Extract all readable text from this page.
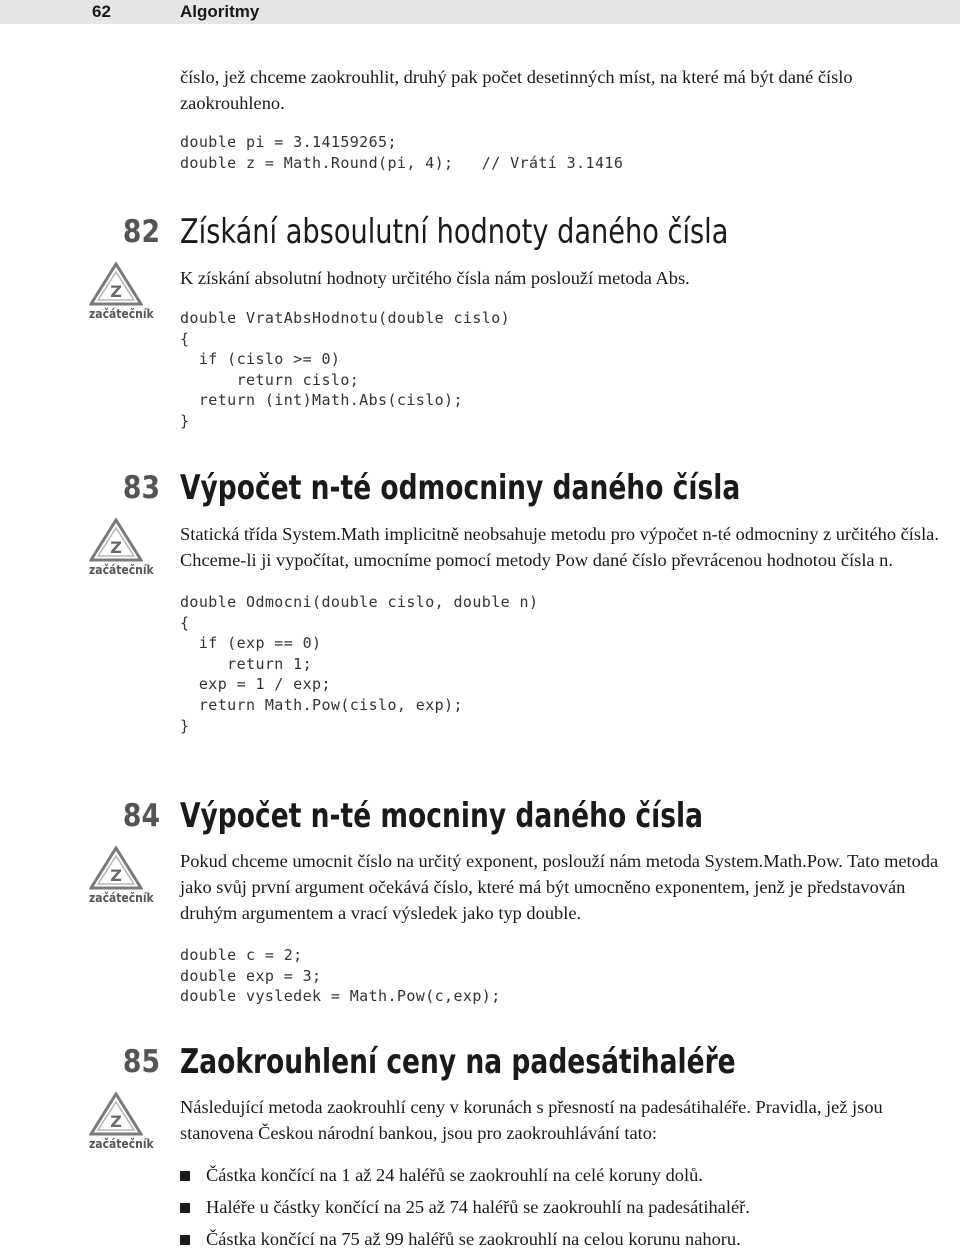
62	Algoritmy

číslo, jež chceme zaokrouhlit, druhý pak počet desetinných míst, na které má být dané číslo zaokrouhleno.

double pi = 3.14159265;
double z = Math.Round(pi, 4);   // Vrátí 3.1416
82 Získání absoulutní hodnoty daného čísla
Z
začátečník

K získání absolutní hodnoty určitého čísla nám poslouží metoda Abs.

double VratAbsHodnotu(double cislo)
{
if (cislo >= 0)
return cislo;
return (int)Math.Abs(cislo);
}
83 Výpočet n-té odmocniny daného čísla
Z
začátečník

Statická třída System.Math implicitně neobsahuje metodu pro výpočet n-té odmocniny z určitého čísla. Chceme-li ji vypočítat, umocníme pomocí metody Pow dané číslo převrácenou hodnotou čísla n.

double Odmocni(double cislo, double n)
{
if (exp == 0)
return 1;
exp = 1 / exp;
return Math.Pow(cislo, exp);
}
84 Výpočet n-té mocniny daného čísla
Z
začátečník

Pokud chceme umocnit číslo na určitý exponent, poslouží nám metoda System.Math.Pow. Tato metoda jako svůj první argument očekává číslo, které má být umocněno exponentem, jenž je představován druhým argumentem a vrací výsledek jako typ double.

double c = 2;
double exp = 3;
double vysledek = Math.Pow(c,exp);
85 Zaokrouhlení ceny na padesátihaléře
Z
začátečník

Následující metoda zaokrouhlí ceny v korunách s přesností na padesátihaléře. Pravidla, jež jsou stanovena Českou národní bankou, jsou pro zaokrouhlávání tato:

Částka končící na 1 až 24 haléřů se zaokrouhlí na celé koruny dolů.
Haléře u částky končící na 25 až 74 haléřů se zaokrouhlí na padesátihaléř.
Částka končící na 75 až 99 haléřů se zaokrouhlí na celou korunu nahoru.
